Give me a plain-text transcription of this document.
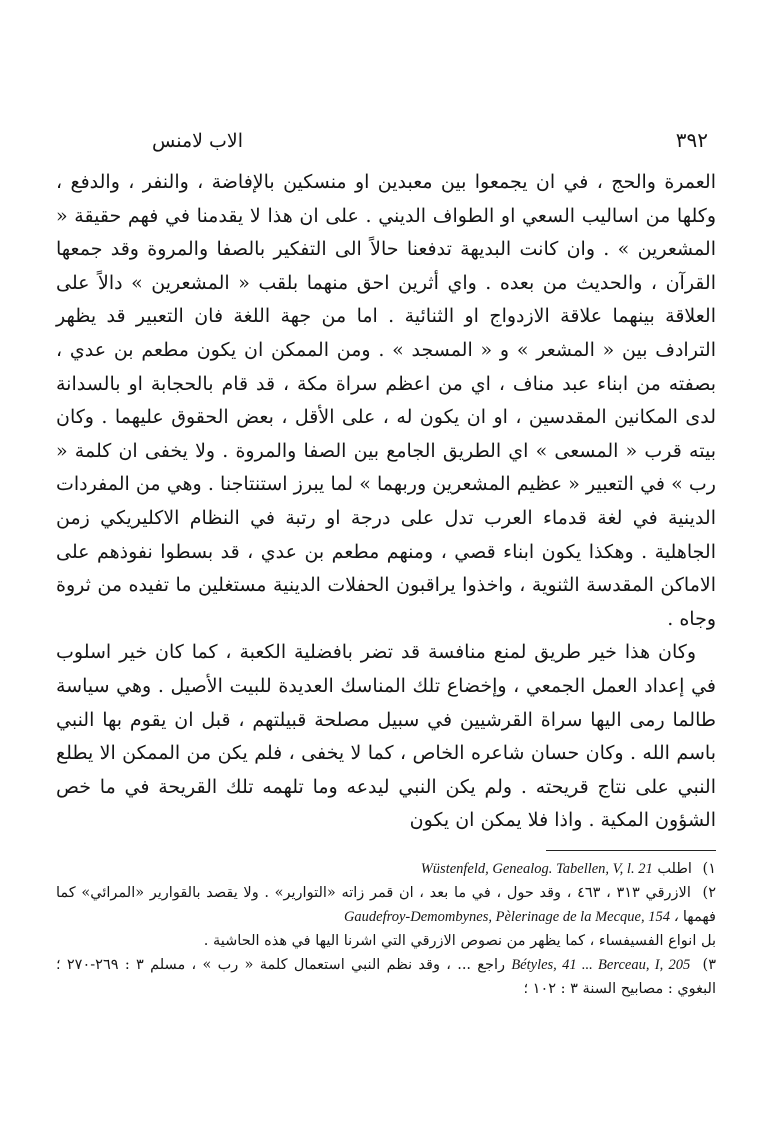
٣٩٢
الاب لامنس

العمرة والحج ، في ان يجمعوا بين معبدين او منسكين بالإفاضة ، والنفر ، والدفع ، وكلها من اساليب السعي او الطواف الديني . على ان هذا لا يقدمنا في فهم حقيقة « المشعرين » . وان كانت البديهة تدفعنا حالاً الى التفكير بالصفا والمروة وقد جمعها القرآن ، والحديث من بعده . واي أثرين احق منهما بلقب « المشعرين » دالاً على العلاقة بينهما علاقة الازدواج او الثنائية . اما من جهة اللغة فان التعبير قد يظهر الترادف بين « المشعر » و « المسجد » . ومن الممكن ان يكون مطعم بن عدي ، بصفته من ابناء عبد مناف ، اي من اعظم سراة مكة ، قد قام بالحجابة او بالسدانة لدى المكانين المقدسين ، او ان يكون له ، على الأقل ، بعض الحقوق عليهما . وكان بيته قرب « المسعى » اي الطريق الجامع بين الصفا والمروة . ولا يخفى ان كلمة « رب » في التعبير « عظيم المشعرين وربهما » لما يبرز استنتاجنا . وهي من المفردات الدينية في لغة قدماء العرب تدل على درجة او رتبة في النظام الاكليريكي زمن الجاهلية . وهكذا يكون ابناء قصي ، ومنهم مطعم بن عدي ، قد بسطوا نفوذهم على الاماكن المقدسة الثنوية ، واخذوا يراقبون الحفلات الدينية مستغلين ما تفيده من ثروة وجاه .

وكان هذا خير طريق لمنع منافسة قد تضر بافضلية الكعبة ، كما كان خير اسلوب في إعداد العمل الجمعي ، وإخضاع تلك المناسك العديدة للبيت الأصيل . وهي سياسة طالما رمى اليها سراة القرشيين في سبيل مصلحة قبيلتهم ، قبل ان يقوم بها النبي باسم الله . وكان حسان شاعره الخاص ، كما لا يخفى ، فلم يكن من الممكن الا يطلع النبي على نتاج قريحته . ولم يكن النبي ليدعه وما تلهمه تلك القريحة في ما خص الشؤون المكية . واذا فلا يمكن ان يكون

١) اطلب Wüstenfeld, Genealog. Tabellen, V, l. 21

٢) الازرقي ٣١٣ ، ٤٦٣ ، وقد حول ، في ما بعد ، ان قمر زاته «التوارير» . ولا يقصد بالقوارير «المرائي» كما فهمها Gaudefroy-Demombynes, Pèlerinage de la Mecque, 154 ،

بل انواع الفسيفساء ، كما يظهر من نصوص الازرقي التي اشرنا اليها في هذه الحاشية .

٣) Bétyles, 41 ... Berceau, I, 205 راجع ... ، وقد نظم النبي استعمال كلمة « رب » ، مسلم ٣ : ٢٦٩-٢٧٠ ؛ البغوي : مصابيح السنة ٣ : ١٠٢ ؛
